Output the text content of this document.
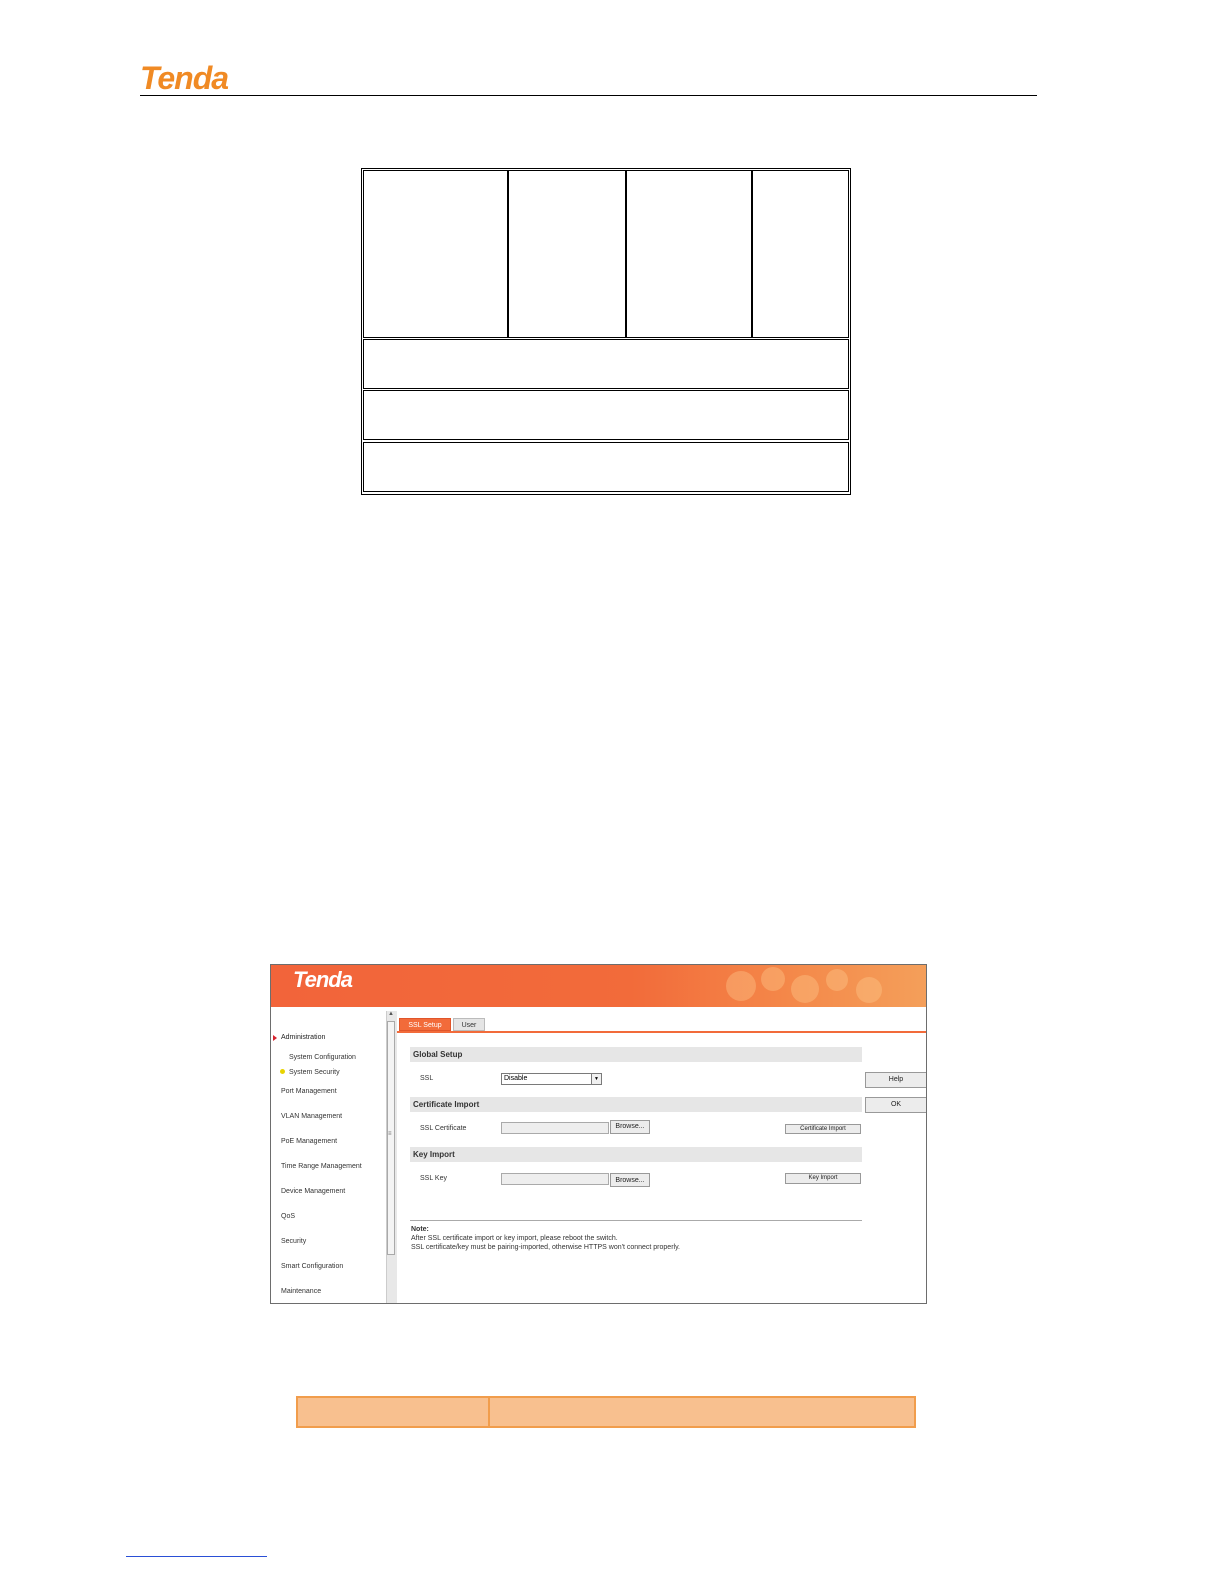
Tenda
Tenda
Administration
System Configuration
System Security
Port Management
VLAN Management
PoE Management
Time Range Management
Device Management
QoS
Security
Smart Configuration
Maintenance
▲
≡
SSL Setup	User
Global Setup
SSL	Disable	▼
Certificate Import
SSL Certificate	Browse...	Certificate Import
Key Import
SSL Key	Browse...	Key Import
Help
OK
Note:
After SSL certificate import or key import, please reboot the switch.
SSL certificate/key must be pairing-imported, otherwise HTTPS won't connect properly.
